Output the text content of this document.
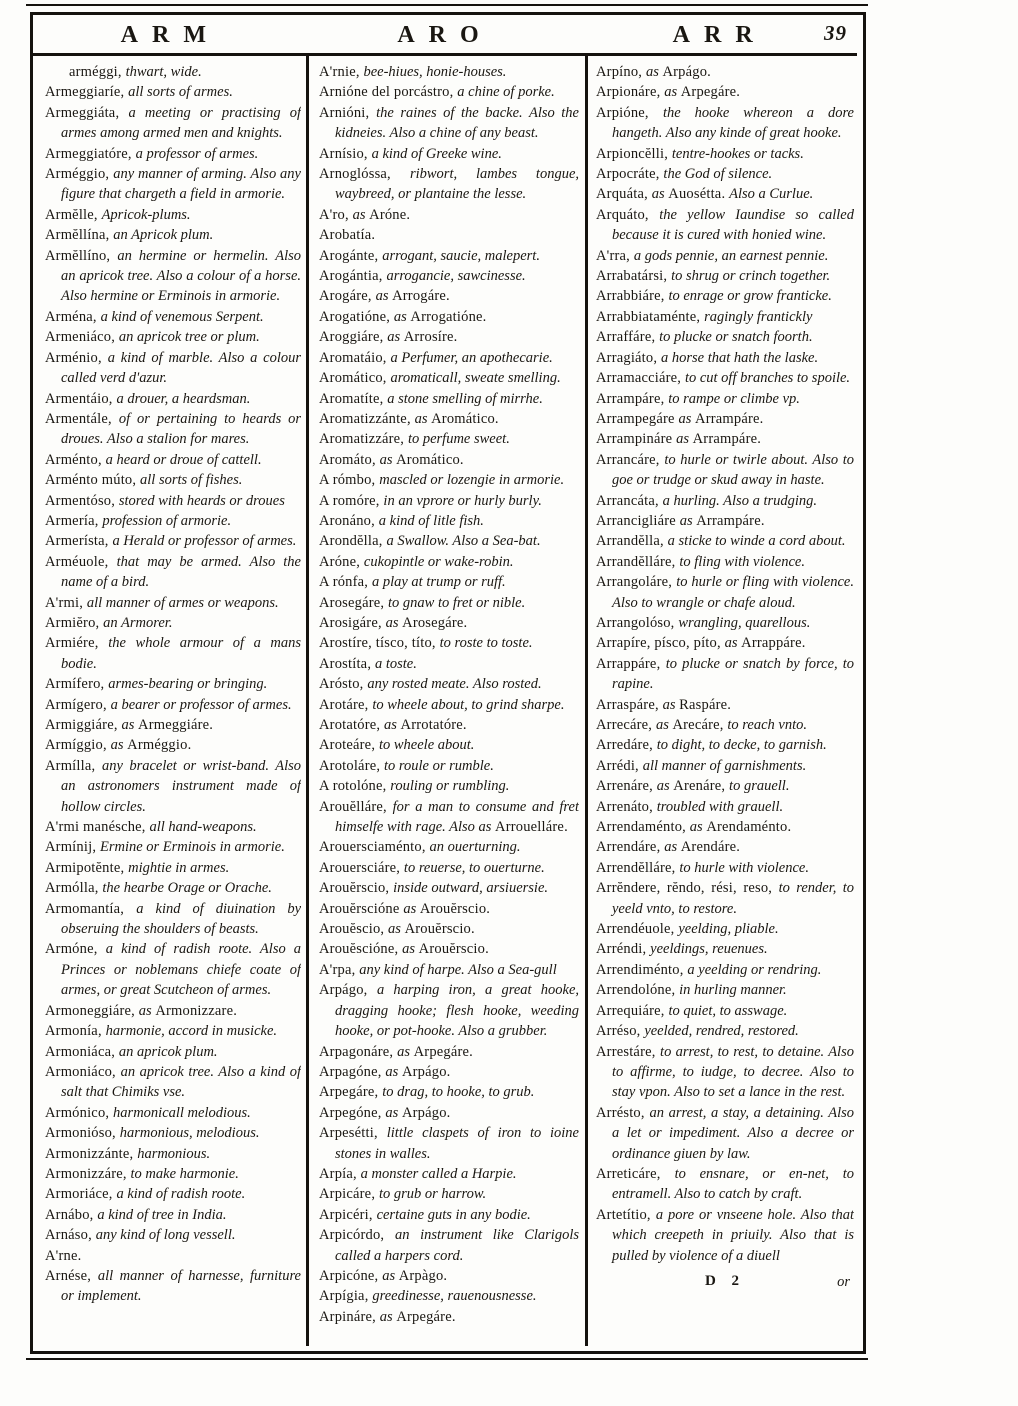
ARM	ARO	ARR	39
arméggi, thwart, wide.
Armeggiaríe, all sorts of armes.
Armeggiáta, a meeting or practising of armes among armed men and knights.
Armeggiatóre, a professor of armes.
Arméggio, any manner of arming. Also any figure that chargeth a field in armorie.
Armĕlle, Apricok-plums.
Armĕllína, an Apricok plum.
Armĕllíno, an hermine or hermelin. Also an apricok tree. Also a colour of a horse. Also hermine or Erminois in armorie.
Arména, a kind of venemous Serpent.
Armeniáco, an apricok tree or plum.
Arménio, a kind of marble. Also a colour called verd d'azur.
Armentáio, a drouer, a heardsman.
Armentále, of or pertaining to heards or droues. Also a stalion for mares.
Arménto, a heard or droue of cattell.
Arménto múto, all sorts of fishes.
Armentóso, stored with heards or droues
Armería, profession of armorie.
Armerísta, a Herald or professor of armes.
Arméuole, that may be armed. Also the name of a bird.
A'rmi, all manner of armes or weapons.
Armiĕro, an Armorer.
Armiére, the whole armour of a mans bodie.
Armífero, armes-bearing or bringing.
Armígero, a bearer or professor of armes.
Armiggiáre, as Armeggiáre.
Armíggio, as Arméggio.
Armílla, any bracelet or wrist-band. Also an astronomers instrument made of hollow circles.
A'rmi manésche, all hand-weapons.
Armínij, Ermine or Erminois in armorie.
Armipotĕnte, mightie in armes.
Armólla, the hearbe Orage or Orache.
Armomantía, a kind of diuination by obseruing the shoulders of beasts.
Armóne, a kind of radish roote. Also a Princes or noblemans chiefe coate of armes, or great Scutcheon of armes.
Armoneggiáre, as Armonizzare.
Armonía, harmonie, accord in musicke.
Armoniáca, an apricok plum.
Armoniáco, an apricok tree. Also a kind of salt that Chimiks vse.
Armónico, harmonicall melodious.
Armonióso, harmonious, melodious.
Armonizzánte, harmonious.
Armonizzáre, to make harmonie.
Armoriáce, a kind of radish roote.
Arnábo, a kind of tree in India.
Arnáso, any kind of long vessell.
A'rne.
Arnése, all manner of harnesse, furniture or implement.
A'rnie, bee-hiues, honie-houses.
Arnióne del porcástro, a chine of porke.
Arnióni, the raines of the backe. Also the kidneies. Also a chine of any beast.
Arnísio, a kind of Greeke wine.
Arnoglóssa, ribwort, lambes tongue, waybreed, or plantaine the lesse.
A'ro, as Aróne.
Arobatía.
Arogánte, arrogant, saucie, malepert.
Arogántia, arrogancie, sawcinesse.
Arogáre, as Arrogáre.
Arogatióne, as Arrogatióne.
Aroggiáre, as Arrosíre.
Aromatáio, a Perfumer, an apothecarie.
Aromático, aromaticall, sweate smelling.
Aromatíte, a stone smelling of mirrhe.
Aromatizzánte, as Aromático.
Aromatizzáre, to perfume sweet.
Aromáto, as Aromático.
A rómbo, mascled or lozengie in armorie.
A romóre, in an vprore or hurly burly.
Aronáno, a kind of litle fish.
Arondĕlla, a Swallow. Also a Sea-bat.
Aróne, cukopintle or wake-robin.
A rónfa, a play at trump or ruff.
Arosegáre, to gnaw to fret or nible.
Arosigáre, as Arosegáre.
Arostíre, tísco, títo, to roste to toste.
Arostíta, a toste.
Arósto, any rosted meate. Also rosted.
Arotáre, to wheele about, to grind sharpe.
Arotatóre, as Arrotatóre.
Aroteáre, to wheele about.
Arotoláre, to roule or rumble.
A rotolóne, rouling or rumbling.
Arouĕlláre, for a man to consume and fret himselfe with rage. Also as Arrouelláre.
Arouersciaménto, an ouerturning.
Arouersciáre, to reuerse, to ouerturne.
Arouĕrscio, inside outward, arsiuersie.
Arouĕrscióne as Arouĕrscio.
Arouĕscio, as Arouĕrscio.
Arouĕscióne, as Arouĕrscio.
A'rpa, any kind of harpe. Also a Sea-gull
Arpágo, a harping iron, a great hooke, dragging hooke; flesh hooke, weeding hooke, or pot-hooke. Also a grubber.
Arpagonáre, as Arpegáre.
Arpagóne, as Arpágo.
Arpegáre, to drag, to hooke, to grub.
Arpegóne, as Arpágo.
Arpesétti, little claspets of iron to ioine stones in walles.
Arpía, a monster called a Harpie.
Arpicáre, to grub or harrow.
Arpicéri, certaine guts in any bodie.
Arpicórdo, an instrument like Clarigols called a harpers cord.
Arpicóne, as Arpàgo.
Arpígia, greedinesse, rauenousnesse.
Arpináre, as Arpegáre.
Arpíno, as Arpágo.
Arpionáre, as Arpegáre.
Arpióne, the hooke whereon a dore hangeth. Also any kinde of great hooke.
Arpioncĕlli, tentre-hookes or tacks.
Arpocráte, the God of silence.
Arquáta, as Auosétta. Also a Curlue.
Arquáto, the yellow Iaundise so called because it is cured with honied wine.
A'rra, a gods pennie, an earnest pennie.
Arrabatársi, to shrug or crinch together.
Arrabbiáre, to enrage or grow franticke.
Arrabbiataménte, ragingly frantickly
Arraffáre, to plucke or snatch foorth.
Arragiáto, a horse that hath the laske.
Arramacciáre, to cut off branches to spoile.
Arrampáre, to rampe or climbe vp.
Arrampegáre as Arrampáre.
Arrampináre as Arrampáre.
Arrancáre, to hurle or twirle about. Also to goe or trudge or skud away in haste.
Arrancáta, a hurling. Also a trudging.
Arrancigliáre as Arrampáre.
Arrandĕlla, a sticke to winde a cord about.
Arrandĕlláre, to fling with violence.
Arrangoláre, to hurle or fling with violence. Also to wrangle or chafe aloud.
Arrangolóso, wrangling, quarellous.
Arrapíre, písco, píto, as Arrappáre.
Arrappáre, to plucke or snatch by force, to rapine.
Arraspáre, as Raspáre.
Arrecáre, as Arecáre, to reach vnto.
Arredáre, to dight, to decke, to garnish.
Arrédi, all manner of garnishments.
Arrenáre, as Arenáre, to grauell.
Arrenáto, troubled with grauell.
Arrendaménto, as Arendaménto.
Arrendáre, as Arendáre.
Arrendĕlláre, to hurle with violence.
Arrĕndere, rĕndo, rési, reso, to render, to yeeld vnto, to restore.
Arrendéuole, yeelding, pliable.
Arréndi, yeeldings, reuenues.
Arrendiménto, a yeelding or rendring.
Arrendolóne, in hurling manner.
Arrequiáre, to quiet, to asswage.
Arréso, yeelded, rendred, restored.
Arrestáre, to arrest, to rest, to detaine. Also to affirme, to iudge, to decree. Also to stay vpon. Also to set a lance in the rest.
Arrésto, an arrest, a stay, a detaining. Also a let or impediment. Also a decree or ordinance giuen by law.
Arreticáre, to ensnare, or en-net, to entramell. Also to catch by craft.
Artetítio, a pore or vnseene hole. Also that which creepeth in priuily. Also that is pulled by violence of a diuell
D 2	or
